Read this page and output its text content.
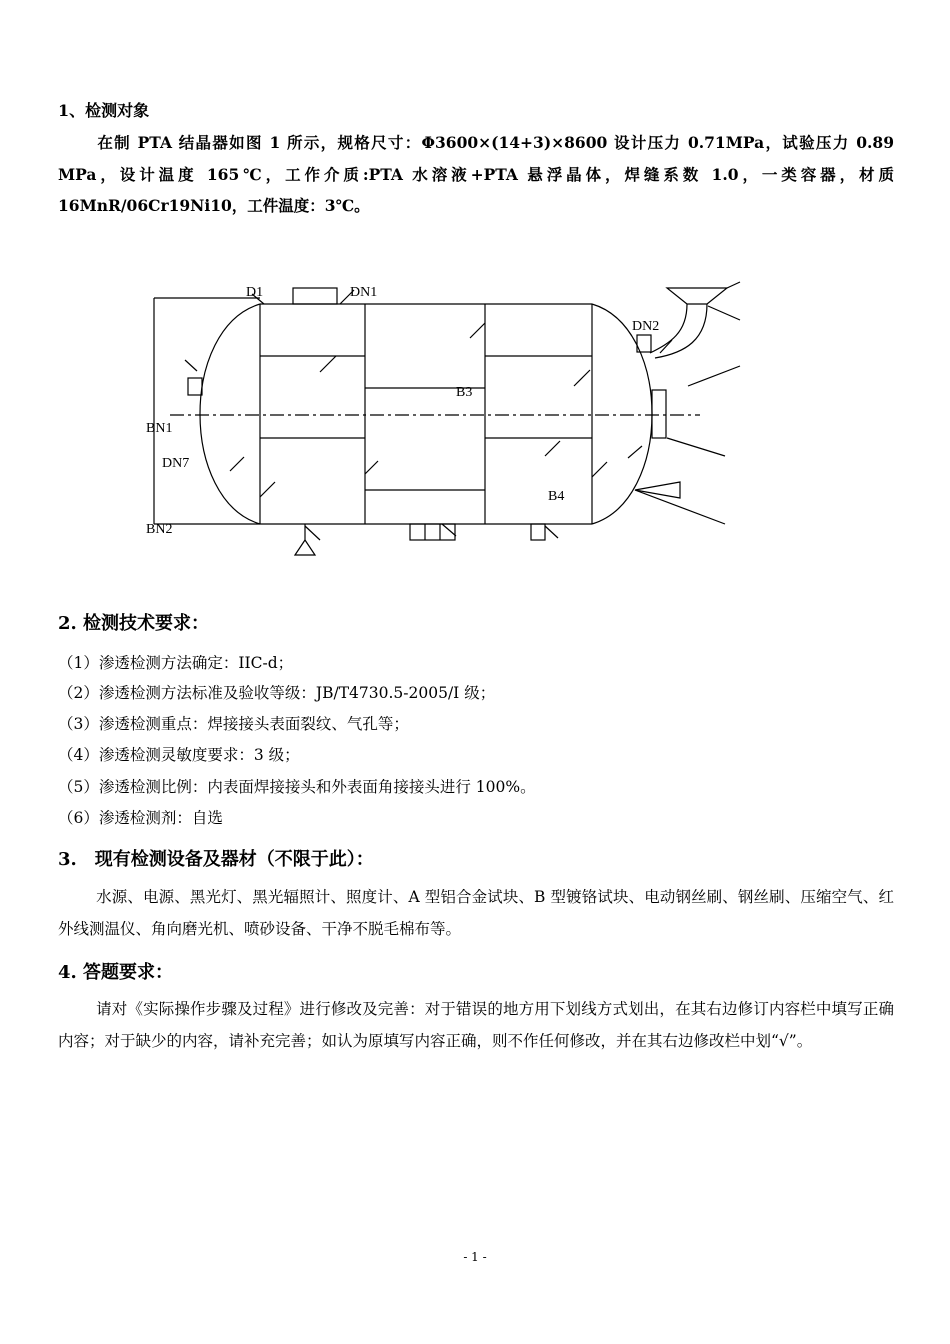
1、检测对象
在制 PTA 结晶器如图 1 所示，规格尺寸：Φ3600×(14+3)×8600 设计压力 0.71MPa，试验压力 0.89 MPa，设计温度 165℃，工作介质:PTA 水溶液+PTA 悬浮晶体，焊缝系数 1.0，一类容器，材质 16MnR/06Cr19Ni10，工件温度：3℃。
D1	DN1
DN2
B3
BN1
DN7
B4
BN2
2. 检测技术要求：
（1）渗透检测方法确定：IIC-d；
（2）渗透检测方法标准及验收等级：JB/T4730.5-2005/I 级；
（3）渗透检测重点：焊接接头表面裂纹、气孔等；
（4）渗透检测灵敏度要求：3 级；
（5）渗透检测比例：内表面焊接接头和外表面角接接头进行 100%。
（6）渗透检测剂：自选
3.　现有检测设备及器材（不限于此）：
水源、电源、黑光灯、黑光辐照计、照度计、A 型铝合金试块、B 型镀铬试块、电动钢丝刷、钢丝刷、压缩空气、红外线测温仪、角向磨光机、喷砂设备、干净不脱毛棉布等。
4. 答题要求：
请对《实际操作步骤及过程》进行修改及完善：对于错误的地方用下划线方式划出，在其右边修订内容栏中填写正确内容；对于缺少的内容，请补充完善；如认为原填写内容正确，则不作任何修改，并在其右边修改栏中划“√”。
- 1 -
